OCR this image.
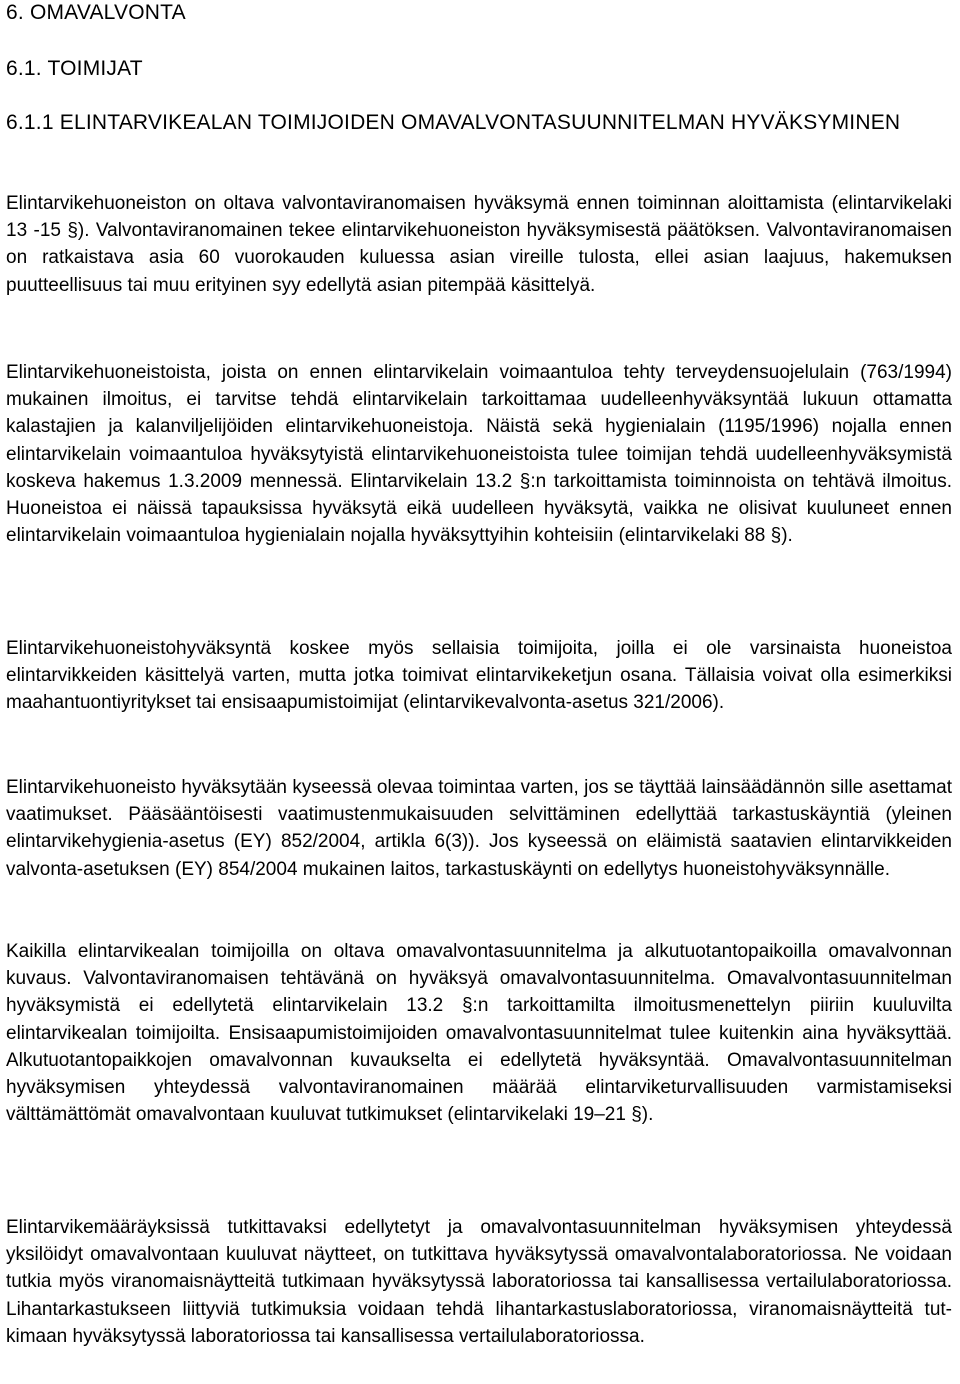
6. OMAVALVONTA
6.1. TOIMIJAT
6.1.1 ELINTARVIKEALAN TOIMIJOIDEN OMAVALVONTASUUNNITELMAN HYVÄKSYMINEN

Elintarvikehuoneiston on oltava valvontaviranomaisen hyväksymä ennen toiminnan aloittamista (elintarvikelaki 13 -15 §). Valvontaviranomainen tekee elintarvikehuoneiston hyväksymisestä päätöksen. Valvontaviranomaisen on ratkaistava asia 60 vuorokauden kuluessa asian vireille tulosta, ellei asian laajuus, hakemuksen puutteellisuus tai muu erityinen syy edellytä asian pitempää käsittelyä.

Elintarvikehuoneistoista, joista on ennen elintarvikelain voimaantuloa tehty terveydensuojelulain (763/1994) mukainen ilmoitus, ei tarvitse tehdä elintarvikelain tarkoittamaa uudelleenhyväksyntää lukuun ottamatta kalastajien ja kalanviljelijöiden elintarvikehuoneistoja. Näistä sekä hygienialain (1195/1996) nojalla ennen elintarvikelain voimaantuloa hyväksytyistä elintarvikehuoneistoista tulee toimijan tehdä uudelleenhyväksymistä koskeva hakemus 1.3.2009 mennessä. Elintarvikelain 13.2 §:n tarkoittamista toiminnoista on tehtävä ilmoitus. Huoneistoa ei näissä tapauksissa hyväksytä eikä uudelleen hyväksytä, vaikka ne olisivat kuuluneet ennen elintarvikelain voimaantuloa hygienialain nojalla hyväksyttyihin kohteisiin (elintarvikelaki 88 §).

Elintarvikehuoneistohyväksyntä koskee myös sellaisia toimijoita, joilla ei ole varsinaista huoneistoa elintarvikkeiden käsittelyä varten, mutta jotka toimivat elintarvikeketjun osana. Tällaisia voivat olla esimerkiksi maahantuontiyritykset tai ensisaapumistoimijat (elintarvikevalvonta-asetus 321/2006).

Elintarvikehuoneisto hyväksytään kyseessä olevaa toimintaa varten, jos se täyttää lainsäädännön sille asettamat vaatimukset. Pääsääntöisesti vaatimustenmukaisuuden selvittäminen edellyttää tarkastuskäyntiä (yleinen elintarvikehygienia-asetus (EY) 852/2004, artikla 6(3)). Jos kyseessä on eläimistä saatavien elintarvikkeiden valvonta-asetuksen (EY) 854/2004 mukainen laitos, tarkastuskäynti on edellytys huoneistohyväksynnälle.

Kaikilla elintarvikealan toimijoilla on oltava omavalvontasuunnitelma ja alkutuotantopaikoilla omavalvonnan kuvaus. Valvontaviranomaisen tehtävänä on hyväksyä omavalvontasuunnitelma. Omavalvontasuunnitelman hyväksymistä ei edellytetä elintarvikelain 13.2 §:n tarkoittamilta ilmoitusmenettelyn piiriin kuuluvilta elintarvikealan toimijoilta. Ensisaapumistoimijoiden omavalvontasuunnitelmat tulee kuitenkin aina hyväksyttää. Alkutuotantopaikkojen omavalvonnan kuvaukselta ei edellytetä hyväksyntää. Omavalvontasuunnitelman hyväksymisen yhteydessä valvontaviranomainen määrää elintarviketurvallisuuden varmistamiseksi välttämättömät omavalvontaan kuuluvat tutkimukset (elintarvikelaki 19–21 §).

Elintarvikemääräyksissä tutkittavaksi edellytetyt ja omavalvontasuunnitelman hyväksymisen yhteydessä yksilöidyt omavalvontaan kuuluvat näytteet, on tutkittava hyväksytyssä omavalvontalaboratoriossa. Ne voidaan tutkia myös viranomaisnäytteitä tutkimaan hyväksytyssä laboratoriossa tai kansallisessa vertailulaboratoriossa. Lihantarkastukseen liittyviä tutkimuksia voidaan tehdä lihantarkastuslaboratoriossa, viranomaisnäytteitä tutkimaan hyväksytyssä laboratoriossa tai kansallisessa vertailulaboratoriossa.
